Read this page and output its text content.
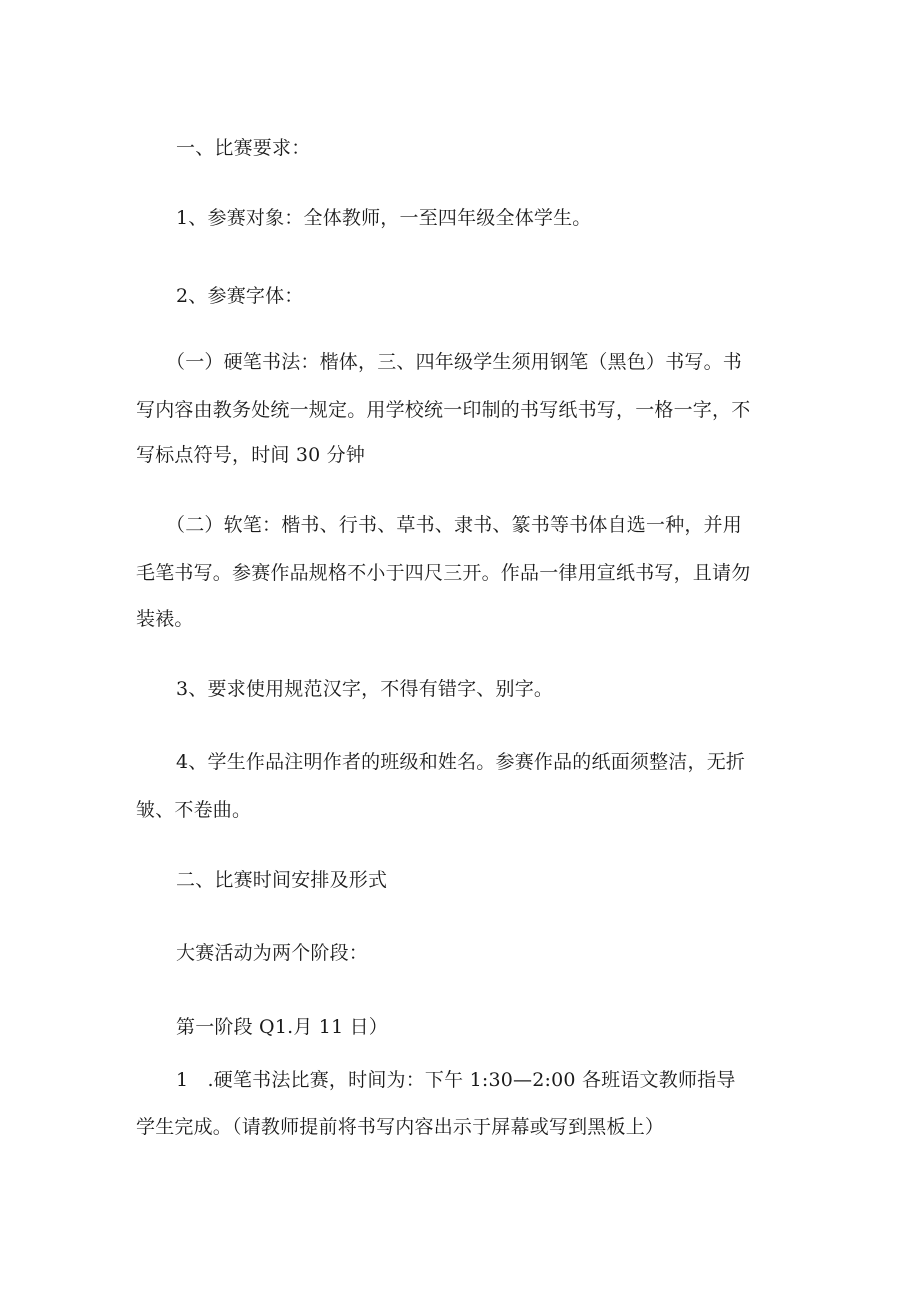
一、比赛要求：
1、参赛对象：全体教师，一至四年级全体学生。
2、参赛字体：
（一）硬笔书法：楷体，三、四年级学生须用钢笔（黑色）书写。书
写内容由教务处统一规定。用学校统一印制的书写纸书写，一格一字，不
写标点符号，时间 30 分钟
（二）软笔：楷书、行书、草书、隶书、篆书等书体自选一种，并用
毛笔书写。参赛作品规格不小于四尺三开。作品一律用宣纸书写，且请勿
装裱。
3、要求使用规范汉字，不得有错字、别字。
4、学生作品注明作者的班级和姓名。参赛作品的纸面须整洁，无折
皱、不卷曲。
二、比赛时间安排及形式
大赛活动为两个阶段：
第一阶段 Q1.月 11 日）
1　.硬笔书法比赛，时间为：下午 1:30—2:00 各班语文教师指导
学生完成。（请教师提前将书写内容出示于屏幕或写到黑板上）
